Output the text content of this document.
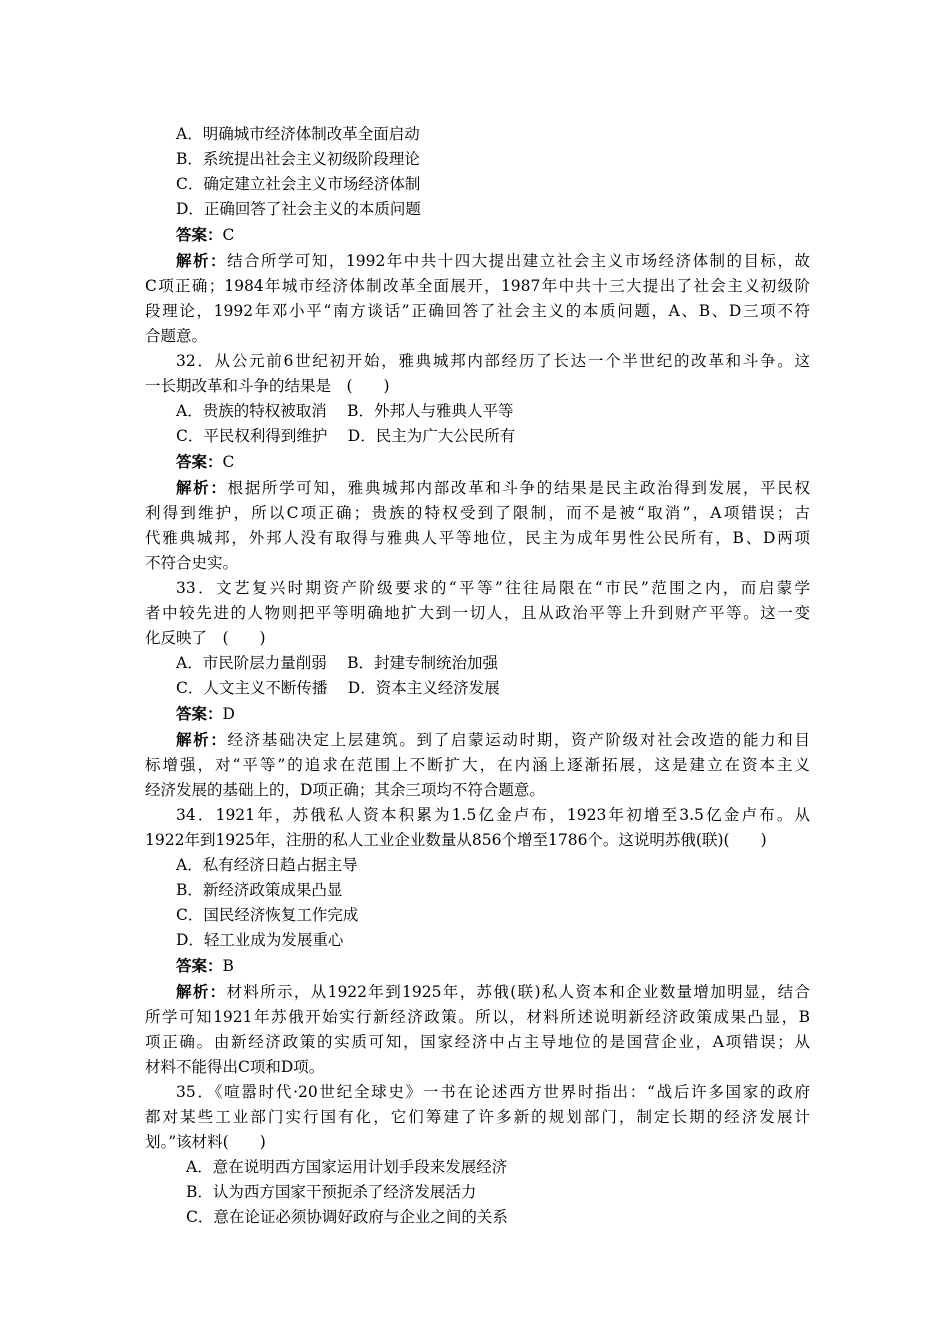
A．明确城市经济体制改革全面启动
B．系统提出社会主义初级阶段理论
C．确定建立社会主义市场经济体制
D．正确回答了社会主义的本质问题
答案：C
解析：结合所学可知，1992年中共十四大提出建立社会主义市场经济体制的目标，故
C项正确；1984年城市经济体制改革全面展开，1987年中共十三大提出了社会主义初级阶
段理论，1992年邓小平“南方谈话”正确回答了社会主义的本质问题，A、B、D三项不符
合题意。
32．从公元前6世纪初开始，雅典城邦内部经历了长达一个半世纪的改革和斗争。这
一长期改革和斗争的结果是　(　　)
A．贵族的特权被取消　 B．外邦人与雅典人平等
C．平民权利得到维护　 D．民主为广大公民所有
答案：C
解析：根据所学可知，雅典城邦内部改革和斗争的结果是民主政治得到发展，平民权
利得到维护，所以C项正确；贵族的特权受到了限制，而不是被“取消”，A项错误；古
代雅典城邦，外邦人没有取得与雅典人平等地位，民主为成年男性公民所有，B、D两项
不符合史实。
33．文艺复兴时期资产阶级要求的“平等”往往局限在“市民”范围之内，而启蒙学
者中较先进的人物则把平等明确地扩大到一切人，且从政治平等上升到财产平等。这一变
化反映了　(　　)
A．市民阶层力量削弱　 B．封建专制统治加强
C．人文主义不断传播　 D．资本主义经济发展
答案：D
解析：经济基础决定上层建筑。到了启蒙运动时期，资产阶级对社会改造的能力和目
标增强，对“平等”的追求在范围上不断扩大，在内涵上逐渐拓展，这是建立在资本主义
经济发展的基础上的，D项正确；其余三项均不符合题意。
34．1921年，苏俄私人资本积累为1.5亿金卢布，1923年初增至3.5亿金卢布。从
1922年到1925年，注册的私人工业企业数量从856个增至1786个。这说明苏俄(联)(　　)
A．私有经济日趋占据主导
B．新经济政策成果凸显
C．国民经济恢复工作完成
D．轻工业成为发展重心
答案：B
解析：材料所示，从1922年到1925年，苏俄(联)私人资本和企业数量增加明显，结合
所学可知1921年苏俄开始实行新经济政策。所以，材料所述说明新经济政策成果凸显，B
项正确。由新经济政策的实质可知，国家经济中占主导地位的是国营企业，A项错误；从
材料不能得出C项和D项。
35．《喧嚣时代·20世纪全球史》一书在论述西方世界时指出：“战后许多国家的政府
都对某些工业部门实行国有化，它们筹建了许多新的规划部门，制定长期的经济发展计
划。”该材料(　　)
A．意在说明西方国家运用计划手段来发展经济
B．认为西方国家干预扼杀了经济发展活力
C．意在论证必须协调好政府与企业之间的关系
